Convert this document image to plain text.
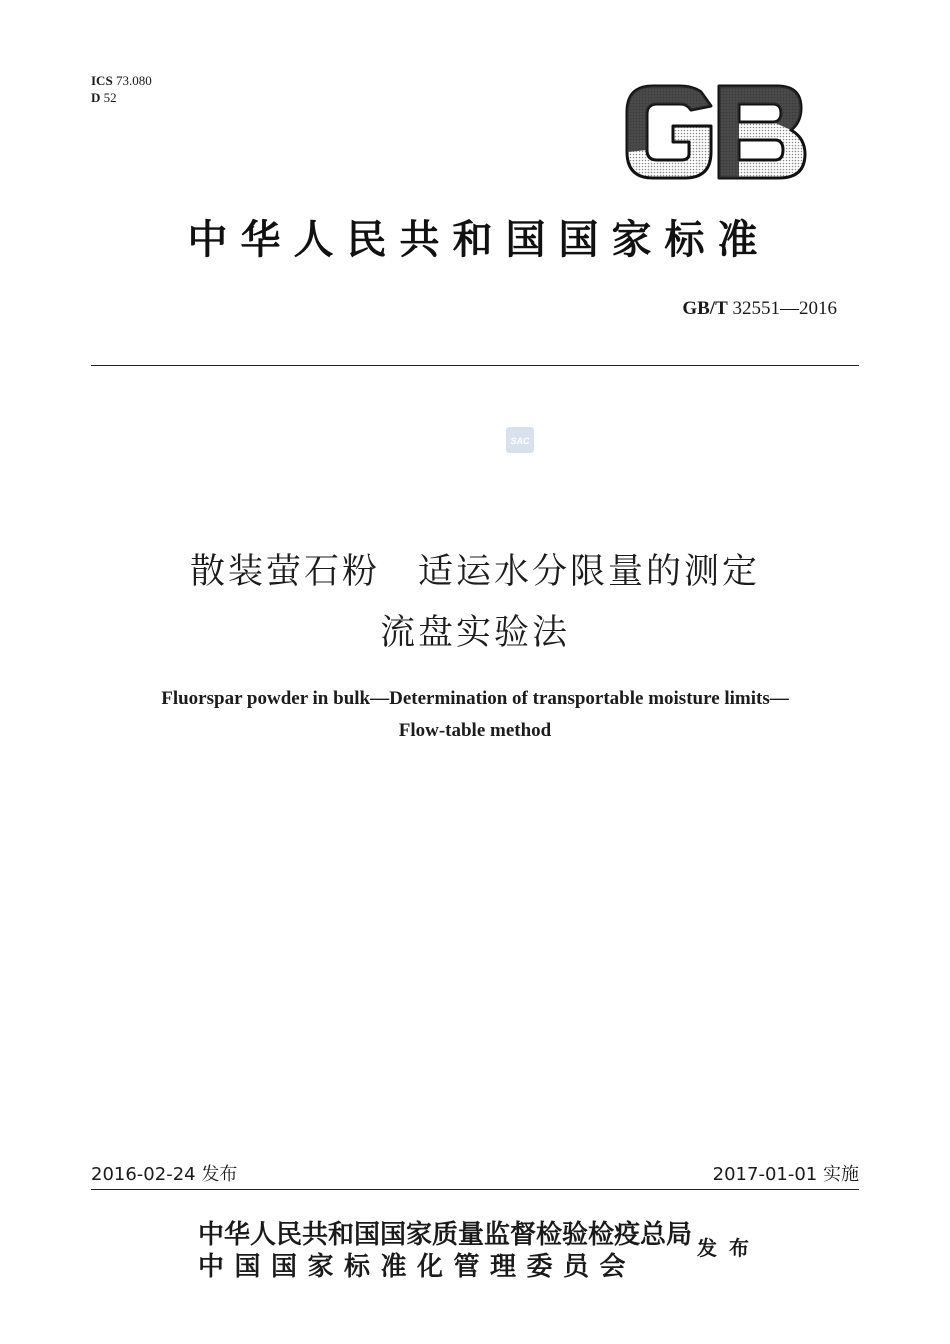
ICS 73.080
D 52
中华人民共和国国家标准
GB/T 32551—2016
SAC
散装萤石粉　适运水分限量的测定
流盘实验法
Fluorspar powder in bulk—Determination of transportable moisture limits—
Flow-table method
2016-02-24 发布	2017-01-01 实施
中华人民共和国国家质量监督检验检疫总局
中国国家标准化管理委员会
发布
